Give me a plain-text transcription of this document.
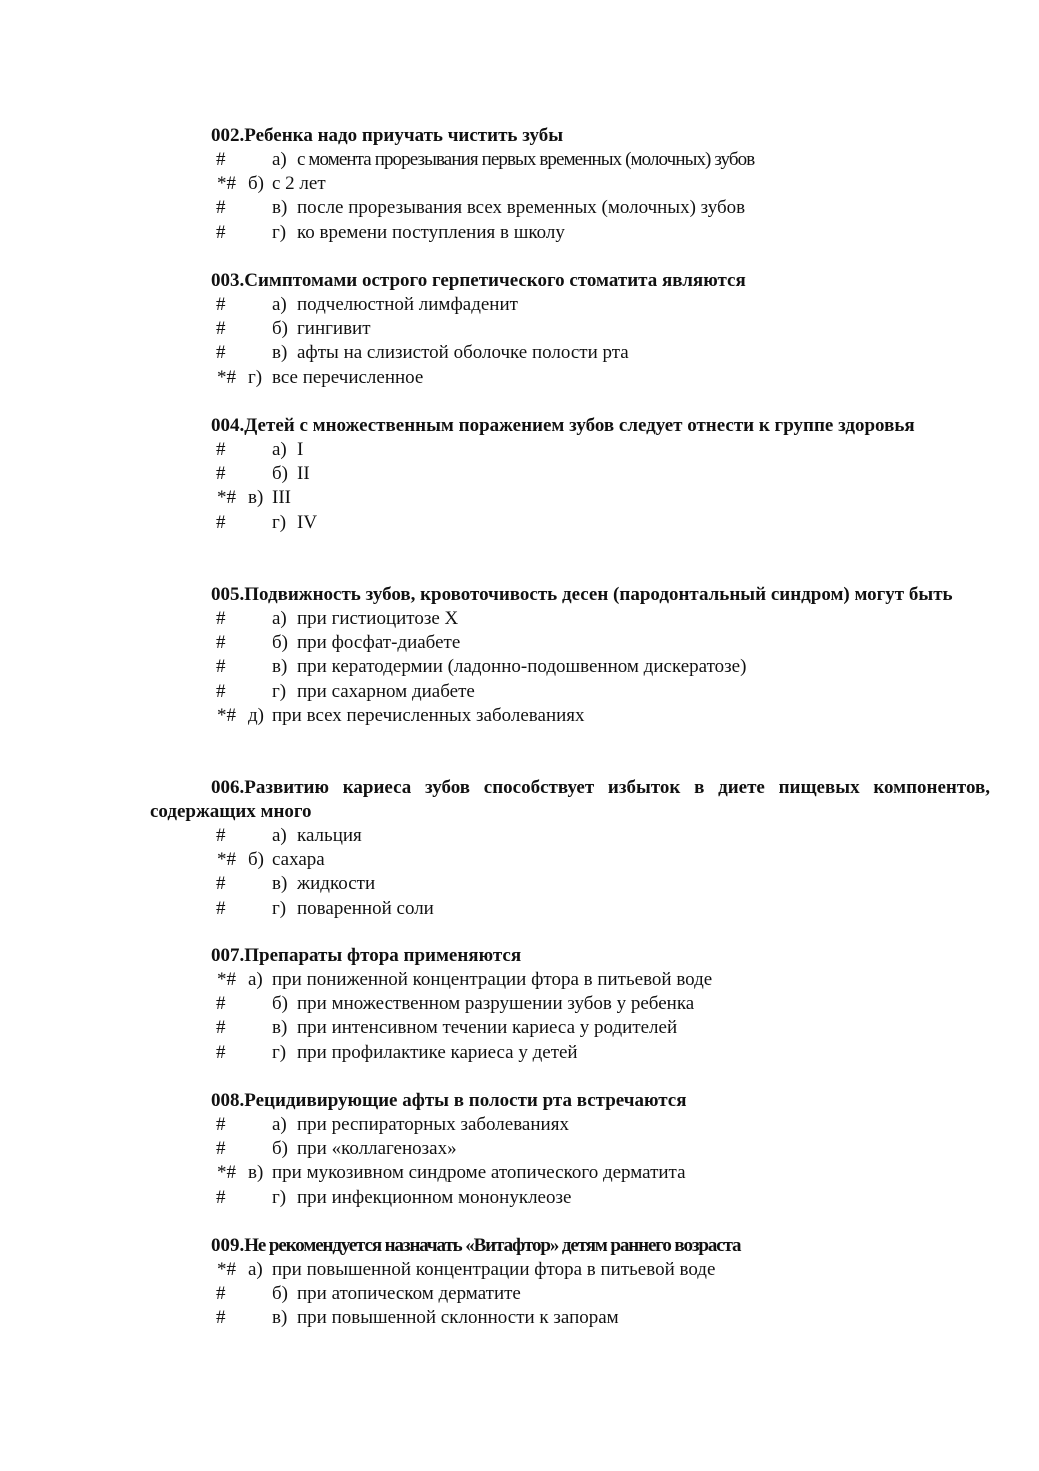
002.Ребенка надо приучать чистить зубы

# а) с момента прорезывания первых временных (молочных) зубов
*# б) с 2 лет
# в) после прорезывания всех временных (молочных) зубов
# г) ко времени поступления в школу

003.Симптомами острого герпетического стоматита являются

# а) подчелюстной лимфаденит
# б) гингивит
# в) афты на слизистой оболочке полости рта
*# г) все перечисленное

004.Детей с множественным поражением зубов следует отнести к группе здоровья

# а) I
# б) II
*# в) III
# г) IV

005.Подвижность зубов, кровоточивость десен (пародонтальный синдром) могут быть

# а) при гистиоцитозе X
# б) при фосфат-диабете
# в) при кератодермии (ладонно-подошвенном дискератозе)
# г) при сахарном диабете
*# д) при всех перечисленных заболеваниях

006.Развитию кариеса зубов способствует избыток в диете пищевых компонентов, содержащих много

# а) кальция
*# б) сахара
# в) жидкости
# г) поваренной соли

007.Препараты фтора применяются

*# а) при пониженной концентрации фтора в питьевой воде
# б) при множественном разрушении зубов у ребенка
# в) при интенсивном течении кариеса у родителей
# г) при профилактике кариеса у детей

008.Рецидивирующие афты в полости рта встречаются

# а) при респираторных заболеваниях
# б) при «коллагенозах»
*# в) при мукозивном синдроме атопического дерматита
# г) при инфекционном мононуклеозе

009.Не рекомендуется назначать «Витафтор» детям раннего возраста

*# а) при повышенной концентрации фтора в питьевой воде
# б) при атопическом дерматите
# в) при повышенной склонности к запорам
